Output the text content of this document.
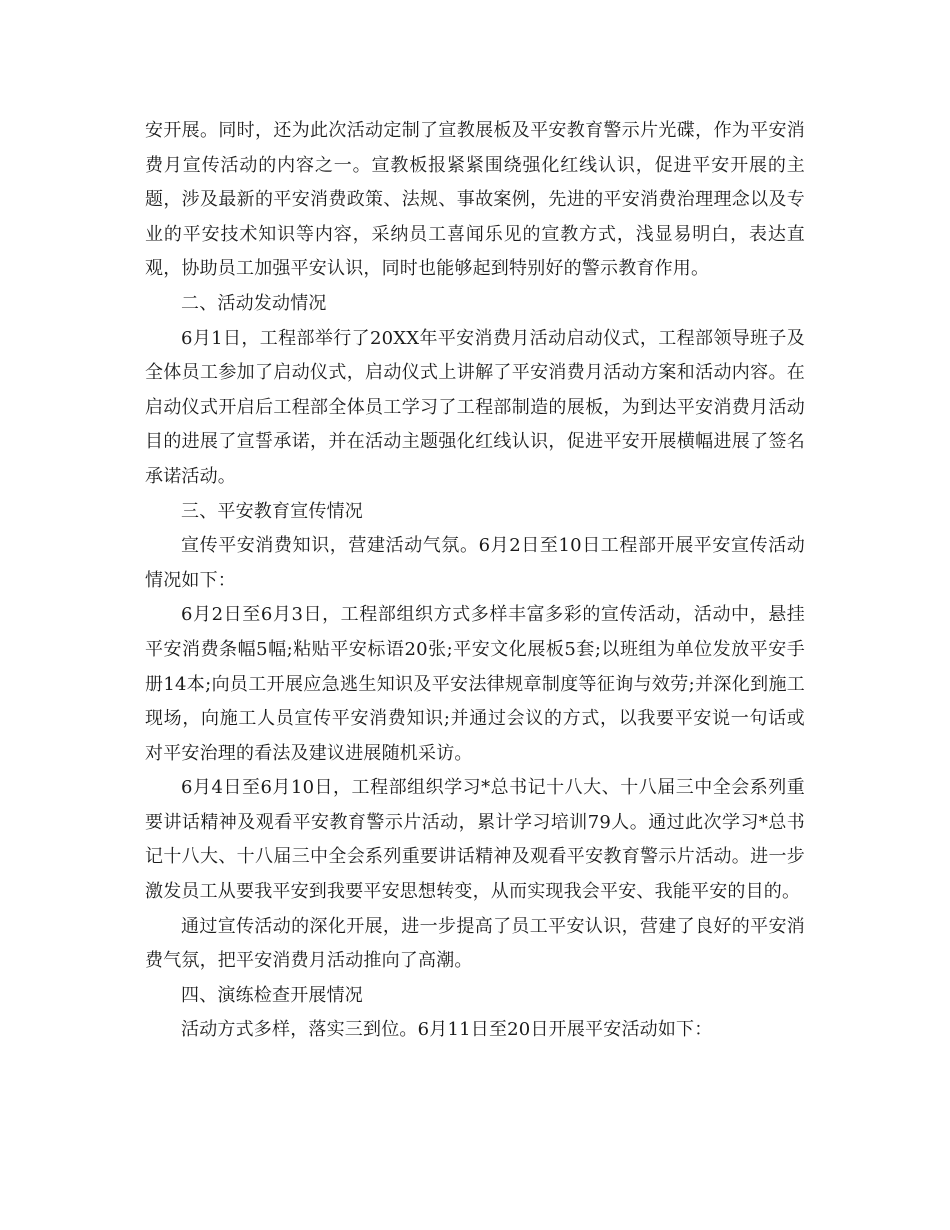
安开展。同时，还为此次活动定制了宣教展板及平安教育警示片光碟，作为平安消费月宣传活动的内容之一。宣教板报紧紧围绕强化红线认识，促进平安开展的主题，涉及最新的平安消费政策、法规、事故案例，先进的平安消费治理理念以及专业的平安技术知识等内容，采纳员工喜闻乐见的宣教方式，浅显易明白，表达直观，协助员工加强平安认识，同时也能够起到特别好的警示教育作用。

二、活动发动情况

6月1日，工程部举行了20XX年平安消费月活动启动仪式，工程部领导班子及全体员工参加了启动仪式，启动仪式上讲解了平安消费月活动方案和活动内容。在启动仪式开启后工程部全体员工学习了工程部制造的展板，为到达平安消费月活动目的进展了宣誓承诺，并在活动主题强化红线认识，促进平安开展横幅进展了签名承诺活动。

三、平安教育宣传情况

宣传平安消费知识，营建活动气氛。6月2日至10日工程部开展平安宣传活动情况如下：

6月2日至6月3日，工程部组织方式多样丰富多彩的宣传活动，活动中，悬挂平安消费条幅5幅;粘贴平安标语20张;平安文化展板5套;以班组为单位发放平安手册14本;向员工开展应急逃生知识及平安法律规章制度等征询与效劳;并深化到施工现场，向施工人员宣传平安消费知识;并通过会议的方式，以我要平安说一句话或对平安治理的看法及建议进展随机采访。

6月4日至6月10日，工程部组织学习*总书记十八大、十八届三中全会系列重要讲话精神及观看平安教育警示片活动，累计学习培训79人。通过此次学习*总书记十八大、十八届三中全会系列重要讲话精神及观看平安教育警示片活动。进一步激发员工从要我平安到我要平安思想转变，从而实现我会平安、我能平安的目的。

通过宣传活动的深化开展，进一步提高了员工平安认识，营建了良好的平安消费气氛，把平安消费月活动推向了高潮。

四、演练检查开展情况

活动方式多样，落实三到位。6月11日至20日开展平安活动如下：
